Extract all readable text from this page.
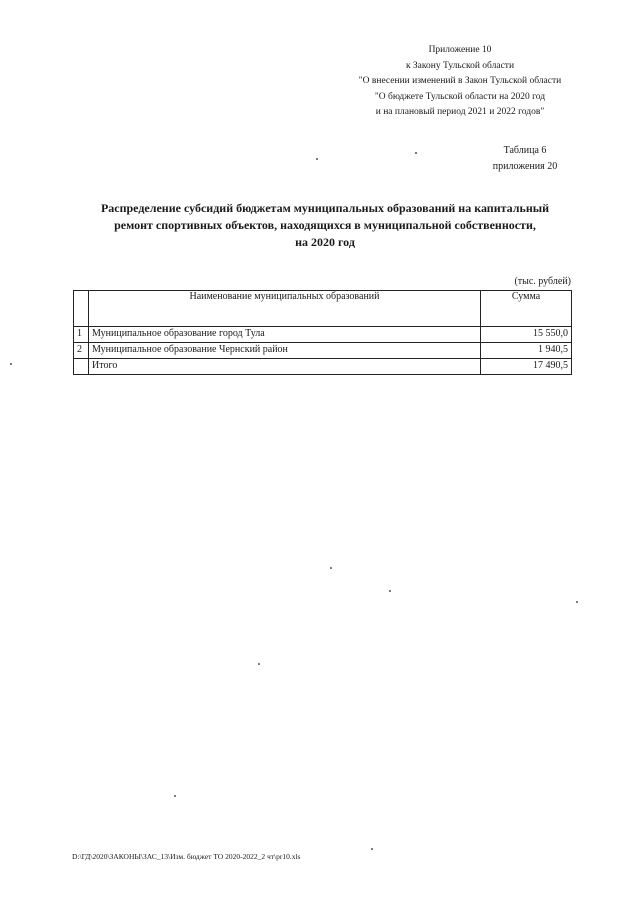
Приложение 10
к Закону Тульской области
"О внесении изменений в Закон Тульской области
"О бюджете Тульской области на 2020 год
и на плановый период 2021 и 2022 годов"
Таблица 6
приложения 20
Распределение субсидий бюджетам муниципальных образований на капитальный
ремонт спортивных объектов, находящихся в муниципальной собственности,
на 2020 год
(тыс. рублей)
	Наименование муниципальных образований	Сумма
1	Муниципальное образование город Тула	15 550,0
2	Муниципальное образование Чернский район	1 940,5
	Итого	17 490,5
D:\ГД\2020\ЗАКОНЫ\ЗАС_13\Изм. бюджет ТО 2020-2022_2 чт\pr10.xls
